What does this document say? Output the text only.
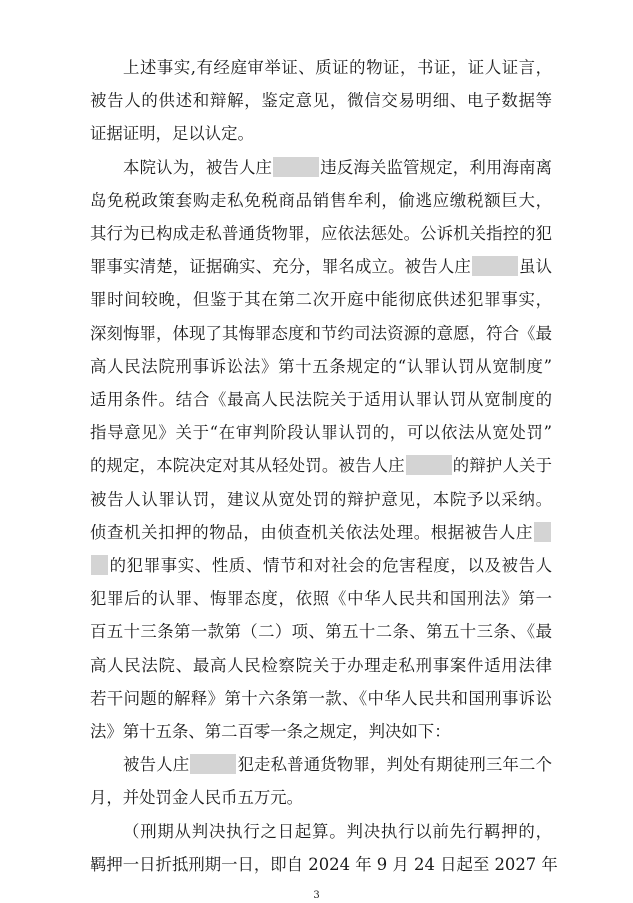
3
上述事实,有经庭审举证、质证的物证，书证，证人证言，
被告人的供述和辩解，鉴定意见，微信交易明细、电子数据等
证据证明，足以认定。
本院认为，被告人庄	违反海关监管规定，利用海南离
岛免税政策套购走私免税商品销售牟利，偷逃应缴税额巨大，
其行为已构成走私普通货物罪，应依法惩处。公诉机关指控的犯
罪事实清楚，证据确实、充分，罪名成立。被告人庄	虽认
罪时间较晚，但鉴于其在第二次开庭中能彻底供述犯罪事实，
深刻悔罪，体现了其悔罪态度和节约司法资源的意愿，符合《最
高人民法院刑事诉讼法》第十五条规定的“认罪认罚从宽制度”
适用条件。结合《最高人民法院关于适用认罪认罚从宽制度的
指导意见》关于“在审判阶段认罪认罚的，可以依法从宽处罚”
的规定，本院决定对其从轻处罚。被告人庄	的辩护人关于
被告人认罪认罚，建议从宽处罚的辩护意见，本院予以采纳。
侦查机关扣押的物品，由侦查机关依法处理。根据被告人庄
的犯罪事实、性质、情节和对社会的危害程度，以及被告人
犯罪后的认罪、悔罪态度，依照《中华人民共和国刑法》第一
百五十三条第一款第（二）项、第五十二条、第五十三条、《最
高人民法院、最高人民检察院关于办理走私刑事案件适用法律
若干问题的解释》第十六条第一款、《中华人民共和国刑事诉讼
法》第十五条、第二百零一条之规定，判决如下：
被告人庄	犯走私普通货物罪，判处有期徒刑三年二个
月，并处罚金人民币五万元。
（刑期从判决执行之日起算。判决执行以前先行羁押的，
羁押一日折抵刑期一日，即自 2024 年 9 月 24 日起至 2027 年
